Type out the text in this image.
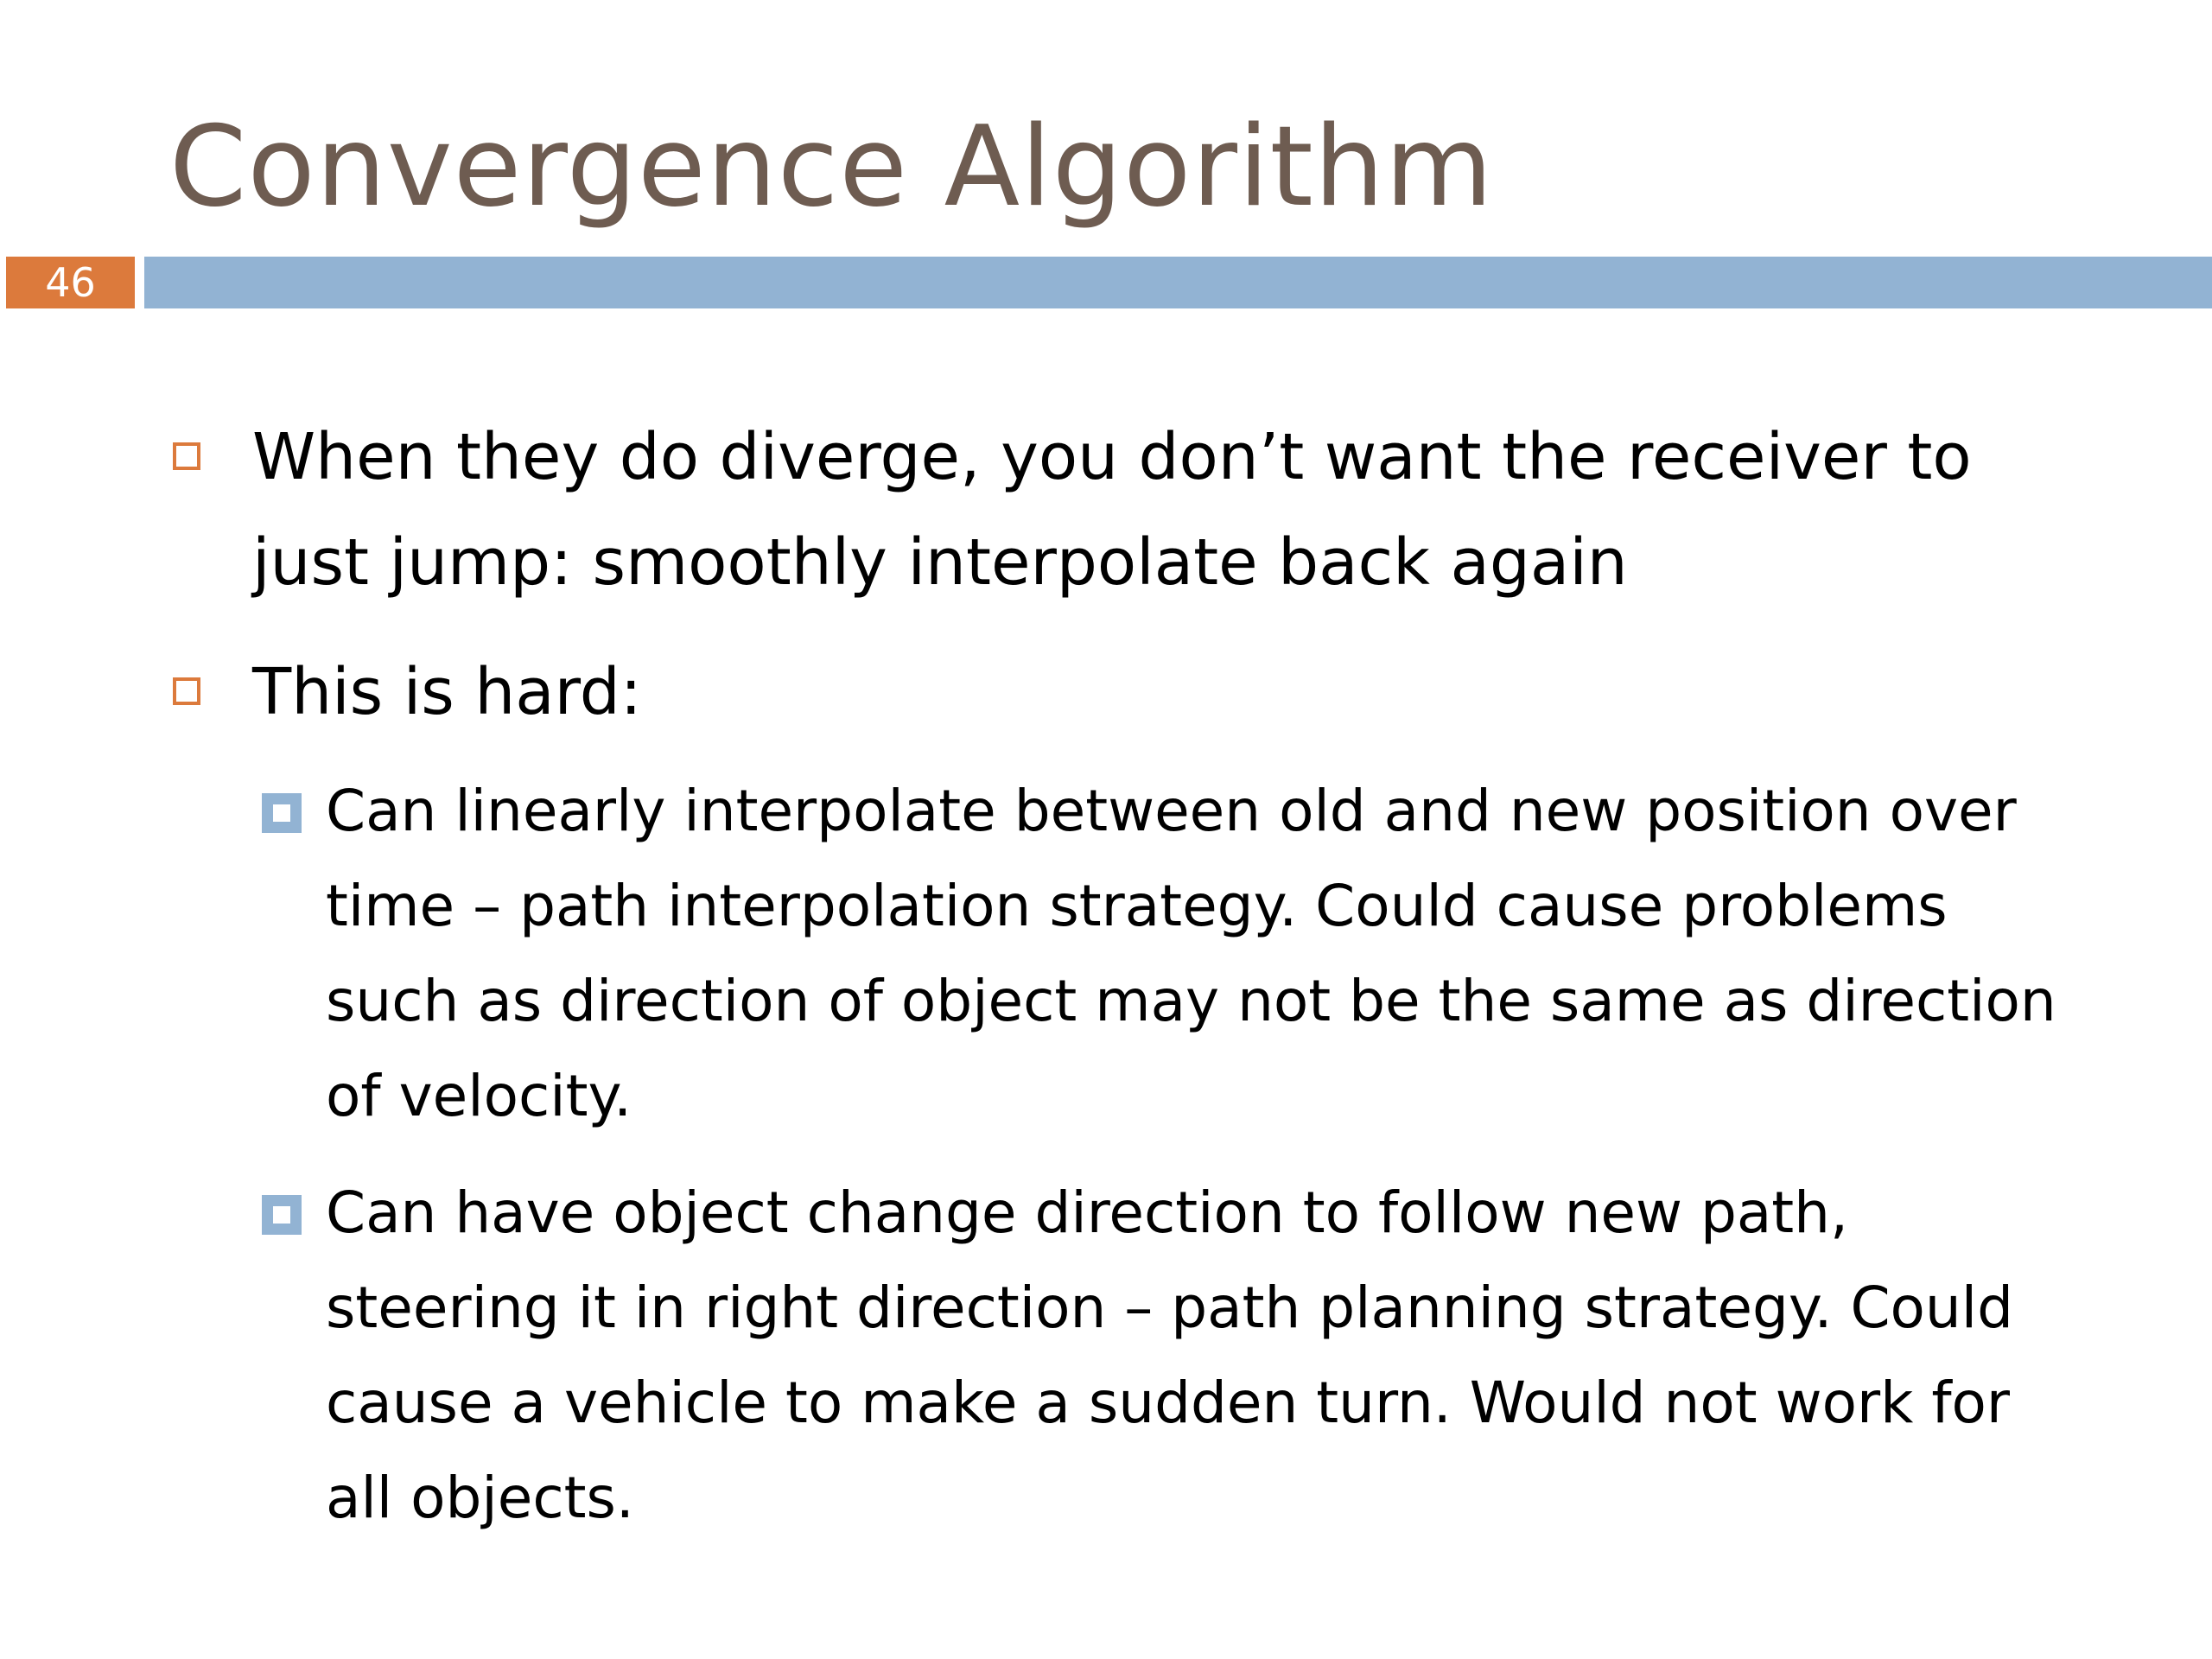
Convergence Algorithm
46
When they do diverge, you don’t want the receiver to just jump: smoothly interpolate back again
This is hard:
Can linearly interpolate between old and new position over time – path interpolation strategy. Could cause problems such as direction of object may not be the same as direction of velocity.
Can have object change direction to follow new path, steering it in right direction – path planning strategy. Could cause a vehicle to make a sudden turn. Would not work for all objects.
